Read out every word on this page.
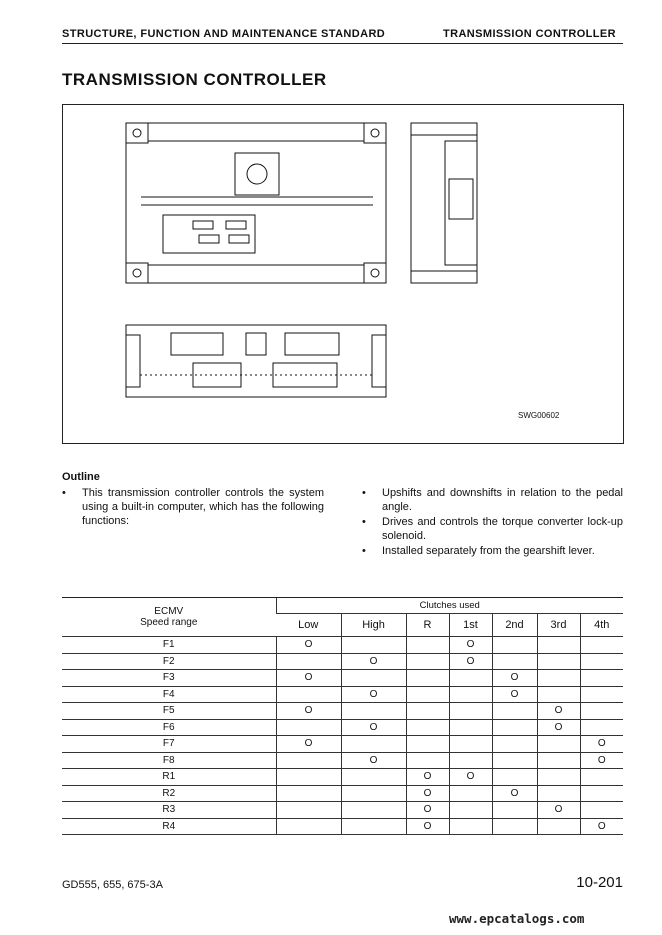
STRUCTURE, FUNCTION AND MAINTENANCE STANDARD	TRANSMISSION CONTROLLER
TRANSMISSION CONTROLLER
SWG00602
Outline
• This transmission controller controls the system using a built-in computer, which has the following functions:
• Upshifts and downshifts in relation to the pedal angle.
• Drives and controls the torque converter lock-up solenoid.
• Installed separately from the gearshift lever.
ECMV
Speed range	Clutches used						
	Low	High	R	1st	2nd	3rd	4th
F1	O			O			
F2		O		O			
F3	O				O		
F4		O			O		
F5	O					O	
F6		O				O	
F7	O						O
F8		O					O
R1			O	O			
R2			O		O		
R3			O			O	
R4			O				O
GD555, 655, 675-3A	10-201
www.epcatalogs.com
